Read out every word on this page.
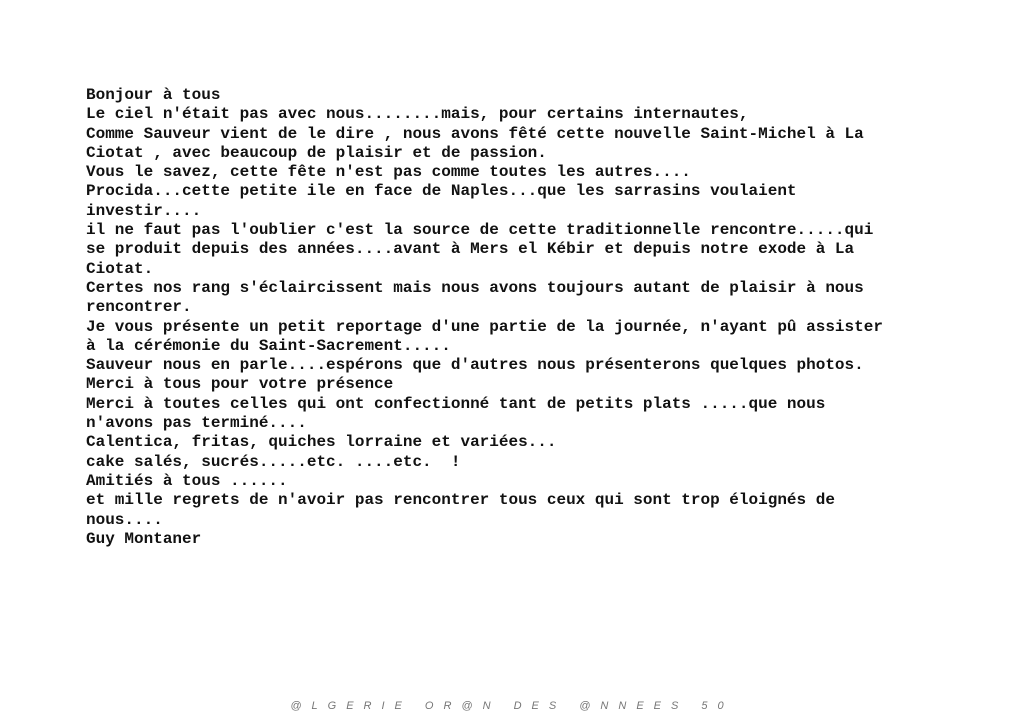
Bonjour à tous
Le ciel n'était pas avec nous........mais, pour certains internautes,
Comme Sauveur vient de le dire , nous avons fêté cette nouvelle Saint-Michel à La
Ciotat , avec beaucoup de plaisir et de passion.
Vous le savez, cette fête n'est pas comme toutes les autres....
Procida...cette petite ile en face de Naples...que les sarrasins voulaient
investir....
il ne faut pas l'oublier c'est la source de cette traditionnelle rencontre.....qui
se produit depuis des années....avant à Mers el Kébir et depuis notre exode à La
Ciotat.
Certes nos rang s'éclaircissent mais nous avons toujours autant de plaisir à nous
rencontrer.
Je vous présente un petit reportage d'une partie de la journée, n'ayant pû assister
à la cérémonie du Saint-Sacrement.....
Sauveur nous en parle....espérons que d'autres nous présenterons quelques photos.
Merci à tous pour votre présence
Merci à toutes celles qui ont confectionné tant de petits plats .....que nous
n'avons pas terminé....
Calentica, fritas, quiches lorraine et variées...
cake salés, sucrés.....etc. ....etc.  !
Amitiés à tous ......
et mille regrets de n'avoir pas rencontrer tous ceux qui sont trop éloignés de
nous....
Guy Montaner
@LGERIE OR@N DES @NNEES 50
